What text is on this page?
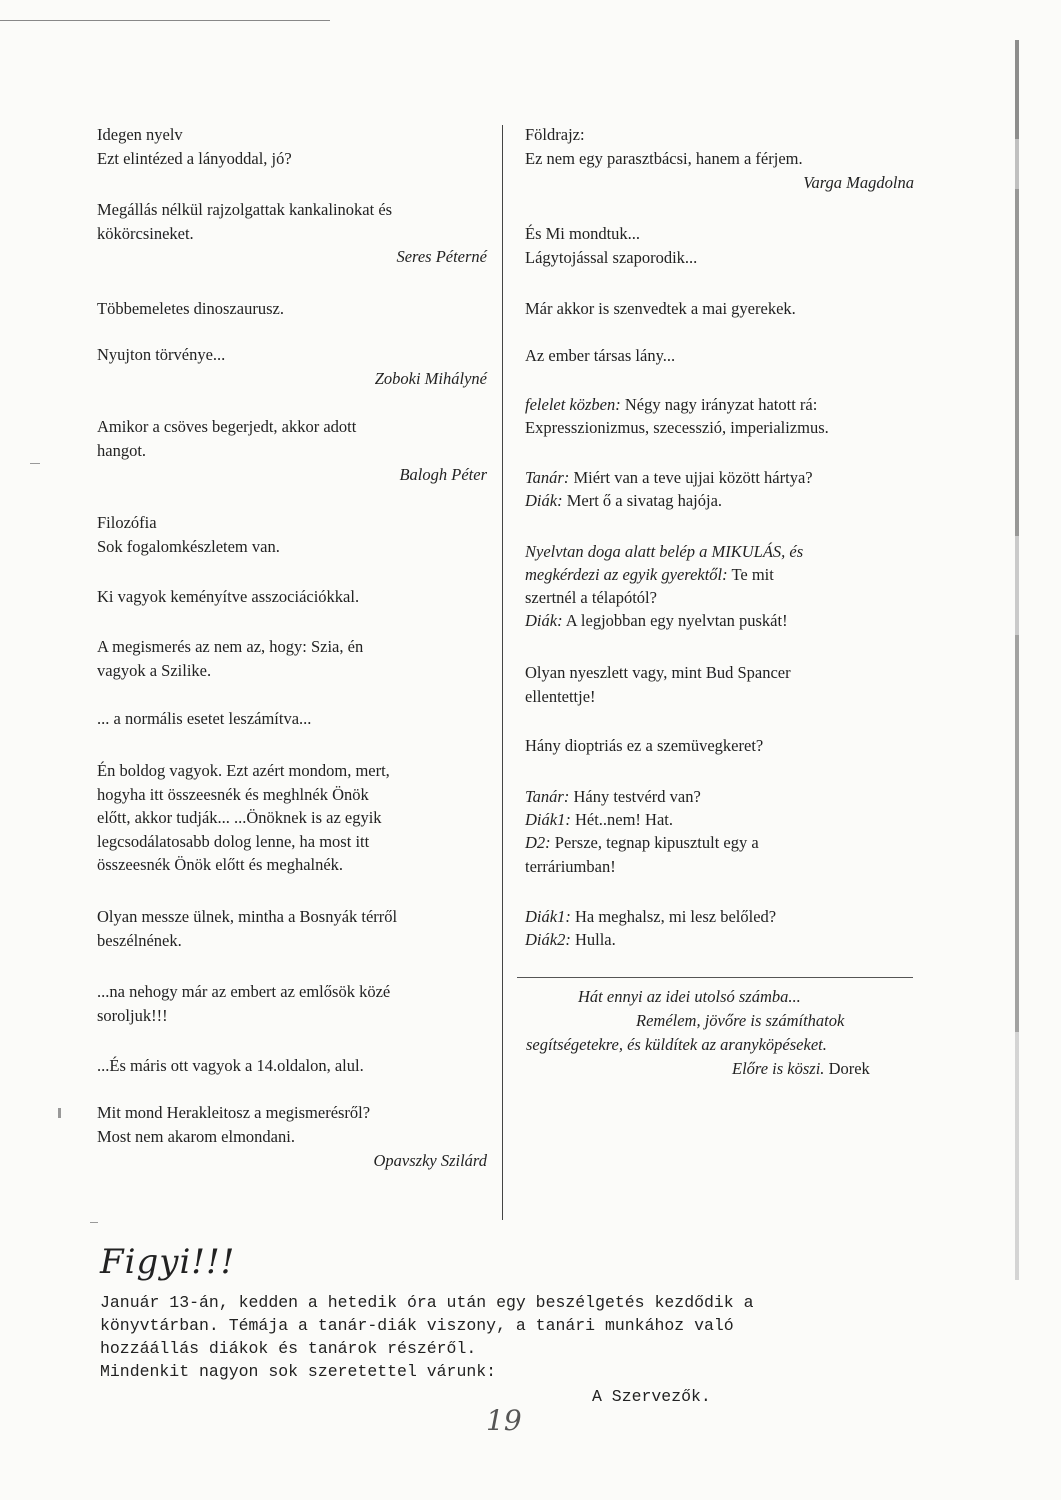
Idegen nyelv

Ezt elintézed a lányoddal, jó?

Megállás nélkül rajzolgattak kankalinokat és

kökörcsineket.

Seres Péterné

Többemeletes dinoszaurusz.

Nyujton törvénye...

Zoboki Mihályné

Amikor a csöves begerjedt, akkor adott

hangot.

Balogh Péter

Filozófia

Sok fogalomkészletem van.

Ki vagyok keményítve asszociációkkal.

A megismerés az nem az, hogy: Szia, én

vagyok a Szilike.

... a normális esetet leszámítva...

Én boldog vagyok. Ezt azért mondom, mert,

hogyha itt összeesnék és meghlnék Önök

előtt, akkor tudják... ...Önöknek is az egyik

legcsodálatosabb dolog lenne, ha most itt

összeesnék Önök előtt és meghalnék.

Olyan messze ülnek, mintha a Bosnyák térről

beszélnének.

...na nehogy már az embert az emlősök közé

soroljuk!!!

...És máris ott vagyok a 14.oldalon, alul.

Mit mond Herakleitosz a megismerésről?

Most nem akarom elmondani.

Opavszky Szilárd

Földrajz:

Ez nem egy parasztbácsi, hanem a férjem.

Varga Magdolna

És Mi mondtuk...

Lágytojással szaporodik...

Már akkor is szenvedtek a mai gyerekek.

Az ember társas lány...

felelet közben: Négy nagy irányzat hatott rá:

Expresszionizmus, szecesszió, imperializmus.

Tanár: Miért van a teve ujjai között hártya?

Diák: Mert ő a sivatag hajója.

Nyelvtan doga alatt belép a MIKULÁS, és

megkérdezi az egyik gyerektől: Te mit

szertnél a télapótól?

Diák: A legjobban egy nyelvtan puskát!

Olyan nyeszlett vagy, mint Bud Spancer

ellentettje!

Hány dioptriás ez a szemüvegkeret?

Tanár: Hány testvérd van?

Diák1: Hét..nem! Hat.

D2: Persze, tegnap kipusztult egy a

terráriumban!

Diák1: Ha meghalsz, mi lesz belőled?

Diák2: Hulla.

Hát ennyi az idei utolsó számba...

Remélem, jövőre is számíthatok

segítségetekre, és küldítek az aranyköpéseket.

Előre is köszi. Dorek

Figyi!!!
Január 13-án, kedden a hetedik óra után egy beszélgetés kezdődik a
könyvtárban. Témája a tanár-diák viszony, a tanári munkához való
hozzáállás diákok és tanárok részéről.
Mindenkit nagyon sok szeretettel várunk:
A Szervezők.
19
